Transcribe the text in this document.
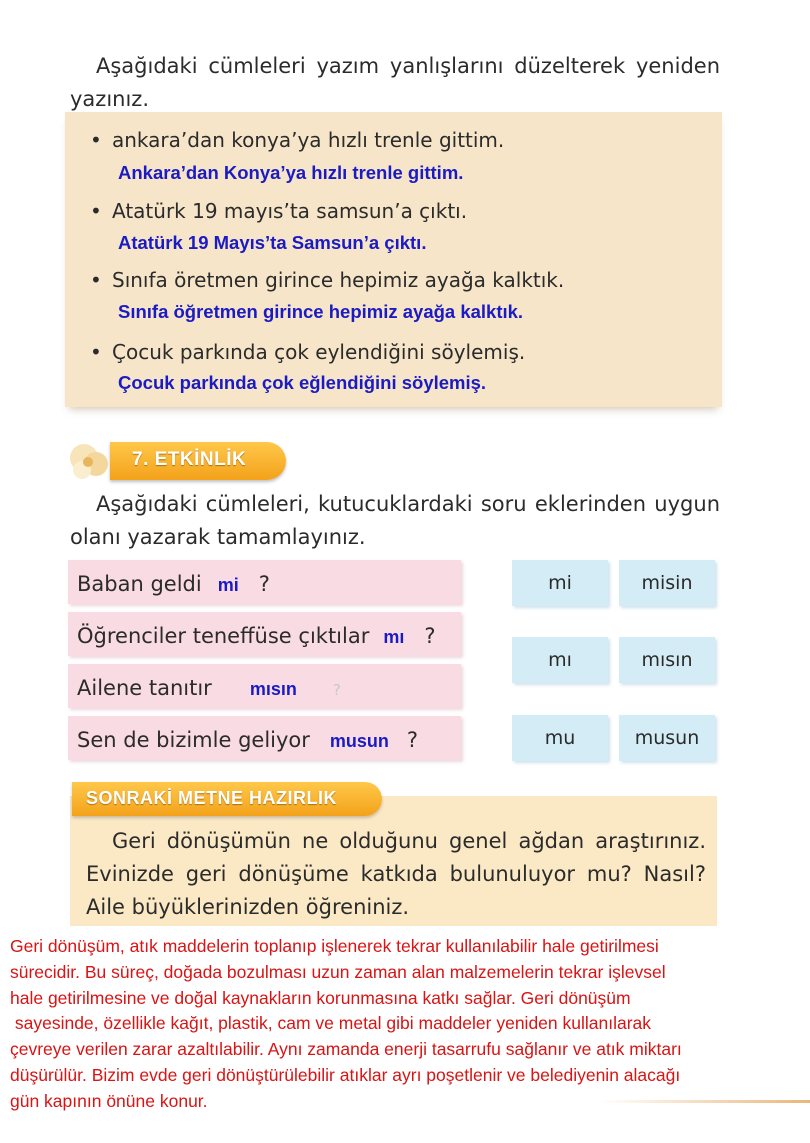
Aşağıdaki cümleleri yazım yanlışlarını düzelterek yeniden yazınız.
• ankara’dan konya’ya hızlı trenle gittim.
Ankara’dan Konya’ya hızlı trenle gittim.
• Atatürk 19 mayıs’ta samsun’a çıktı.
Atatürk 19 Mayıs’ta Samsun’a çıktı.
• Sınıfa öretmen girince hepimiz ayağa kalktık.
Sınıfa öğretmen girince hepimiz ayağa kalktık.
• Çocuk parkında çok eylendiğini söylemiş.
Çocuk parkında çok eğlendiğini söylemiş.
7. ETKİNLİK
Aşağıdaki cümleleri, kutucuklardaki soru eklerinden uygun olanı yazarak tamamlayınız.
Baban geldi mi ?
Öğrenciler teneffüse çıktılar mı ?
Ailene tanıtır mısın ?
Sen de bizimle geliyor musun ?
mi	misin
mı	mısın
mu	musun
SONRAKİ METNE HAZIRLIK
Geri dönüşümün ne olduğunu genel ağdan araştırınız. Evinizde geri dönüşüme katkıda bulunuluyor mu? Nasıl? Aile büyüklerinizden öğreniniz.

Geri dönüşüm, atık maddelerin toplanıp işlenerek tekrar kullanılabilir hale getirilmesi

sürecidir. Bu süreç, doğada bozulması uzun zaman alan malzemelerin tekrar işlevsel

hale getirilmesine ve doğal kaynakların korunmasına katkı sağlar. Geri dönüşüm

sayesinde, özellikle kağıt, plastik, cam ve metal gibi maddeler yeniden kullanılarak

çevreye verilen zarar azaltılabilir. Aynı zamanda enerji tasarrufu sağlanır ve atık miktarı

düşürülür. Bizim evde geri dönüştürülebilir atıklar ayrı poşetlenir ve belediyenin alacağı

gün kapının önüne konur.
